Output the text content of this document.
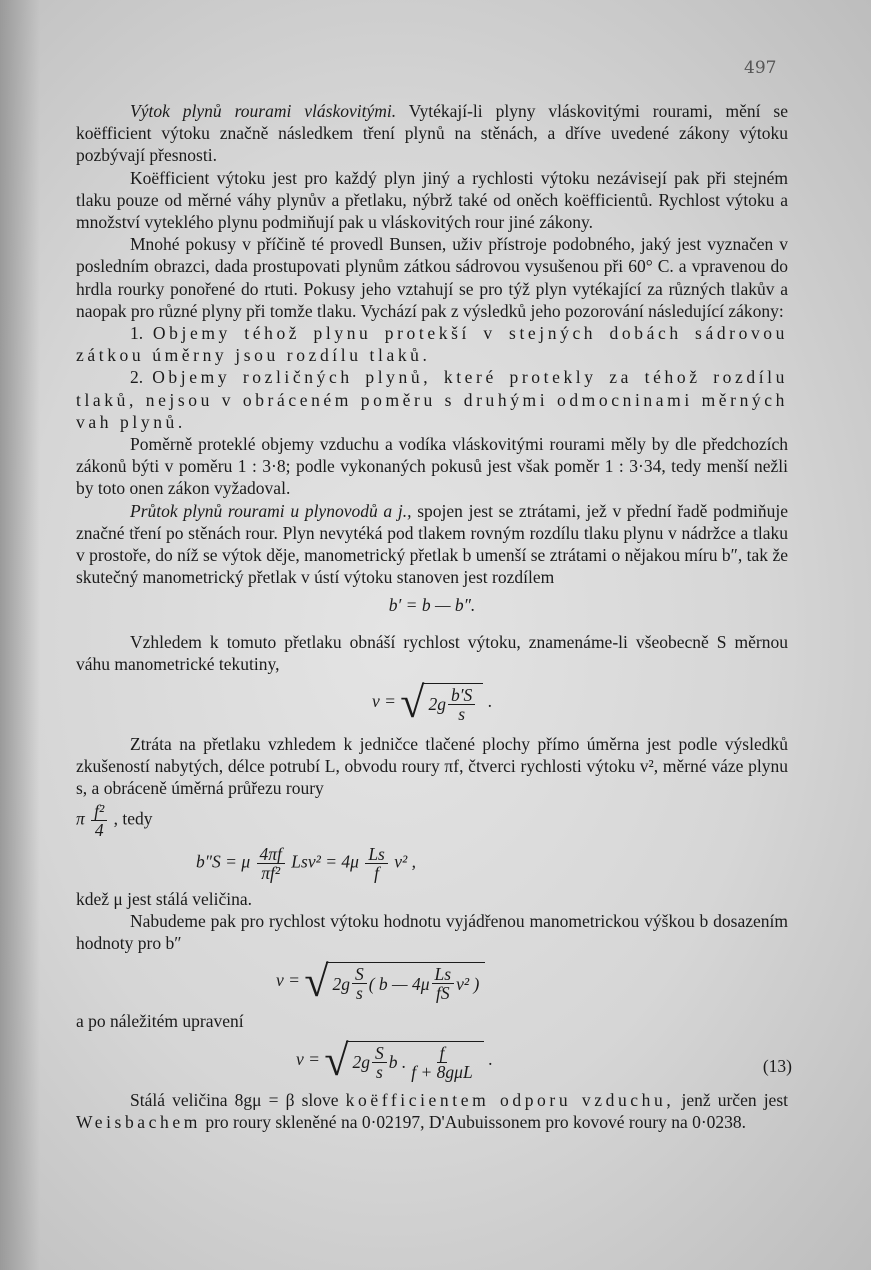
497

Výtok plynů rourami vláskovitými. Vytékají-li plyny vláskovitými rourami, mění se koëfficient výtoku značně následkem tření plynů na stěnách, a dříve uvedené zákony výtoku pozbývají přesnosti.

Koëfficient výtoku jest pro každý plyn jiný a rychlosti výtoku nezávisejí pak při stejném tlaku pouze od měrné váhy plynův a přetlaku, nýbrž také od oněch koëfficientů. Rychlost výtoku a množství vyteklého plynu podmiňují pak u vláskovitých rour jiné zákony.

Mnohé pokusy v příčině té provedl Bunsen, uživ přístroje podobného, jaký jest vyznačen v posledním obrazci, dada prostupovati plynům zátkou sádrovou vysušenou při 60° C. a vpravenou do hrdla rourky ponořené do rtuti. Pokusy jeho vztahují se pro týž plyn vytékající za různých tlakův a naopak pro různé plyny při tomže tlaku. Vychází pak z výsledků jeho pozorování následující zákony:

1. Objemy téhož plynu protekší v stejných dobách sádrovou zátkou úměrny jsou rozdílu tlaků.

2. Objemy rozličných plynů, které protekly za téhož rozdílu tlaků, nejsou v obráceném poměru s druhými odmocninami měrných vah plynů.

Poměrně proteklé objemy vzduchu a vodíka vláskovitými rourami měly by dle předchozích zákonů býti v poměru 1 : 3·8; podle vykonaných pokusů jest však poměr 1 : 3·34, tedy menší nežli by toto onen zákon vyžadoval.

Průtok plynů rourami u plynovodů a j., spojen jest se ztrátami, jež v přední řadě podmiňuje značné tření po stěnách rour. Plyn nevytéká pod tlakem rovným rozdílu tlaku plynu v nádržce a tlaku v prostoře, do níž se výtok děje, manometrický přetlak b umenší se ztrátami o nějakou míru b″, tak že skutečný manometrický přetlak v ústí výtoku stanoven jest rozdílem

b′ = b — b″.

Vzhledem k tomuto přetlaku obnáší rychlost výtoku, znamenáme-li všeobecně S měrnou váhu manometrické tekutiny,

v = √ $2g \frac{b'S}{s}$ .

Ztráta na přetlaku vzhledem k jedničce tlačené plochy přímo úměrna jest podle výsledků zkušeností nabytých, délce potrubí L, obvodu roury πf, čtverci rychlosti výtoku v², měrné váze plynu s, a obráceně úměrná průřezu roury

π $\frac{\text{f²}}{4}$ , tedy

b″S = μ $\frac{4\pi f}{\text{πf²}} Lsv^2 = 4\mu \frac{Ls}{f} v^2$ ,

kdež μ jest stálá veličina.

Nabudeme pak pro rychlost výtoku hodnotu vyjádřenou manometrickou výškou b dosazením hodnoty pro b″

v = √ $2g \frac{S}{s}$ ( b — $4\mu \frac{Ls}{fS} v^2$ )

a po náležitém upravení

v = √ $2g \frac{S}{s}$ b . $\frac{f}{\text{f + 8gμL}}$ .	(13)

Stálá veličina 8gμ = β slove koëfficientem odporu vzduchu, jenž určen jest Weisbachem pro roury skleněné na 0·02197, D'Aubuissonem pro kovové roury na 0·0238.
